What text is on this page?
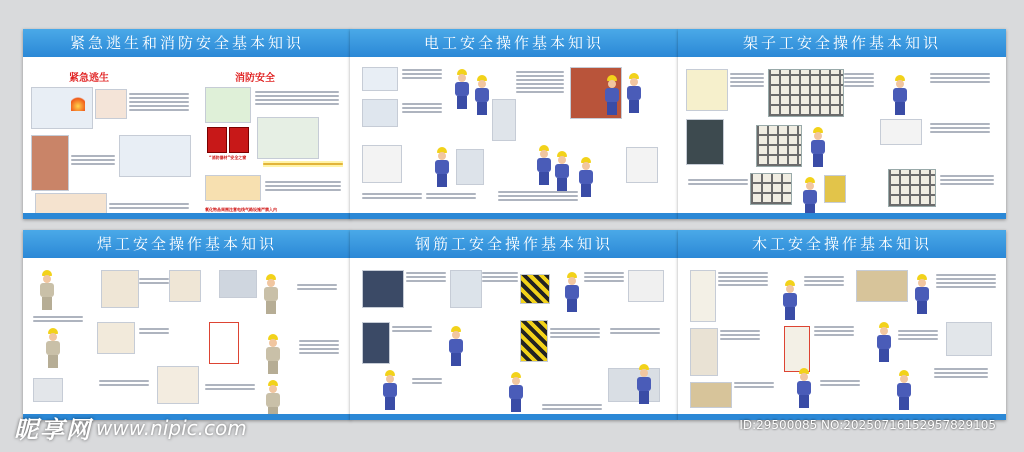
紧急逃生和消防安全基本知识
紧急逃生	消防安全
“消防器材”安全之窗
氧化物品周围注意电线气路设施严禁入内
电工安全操作基本知识	架子工安全操作基本知识
焊工安全操作基本知识	钢筋工安全操作基本知识	木工安全操作基本知识
昵享网 www.nipic.com	ID:29500085 NO:20250716152957829105
